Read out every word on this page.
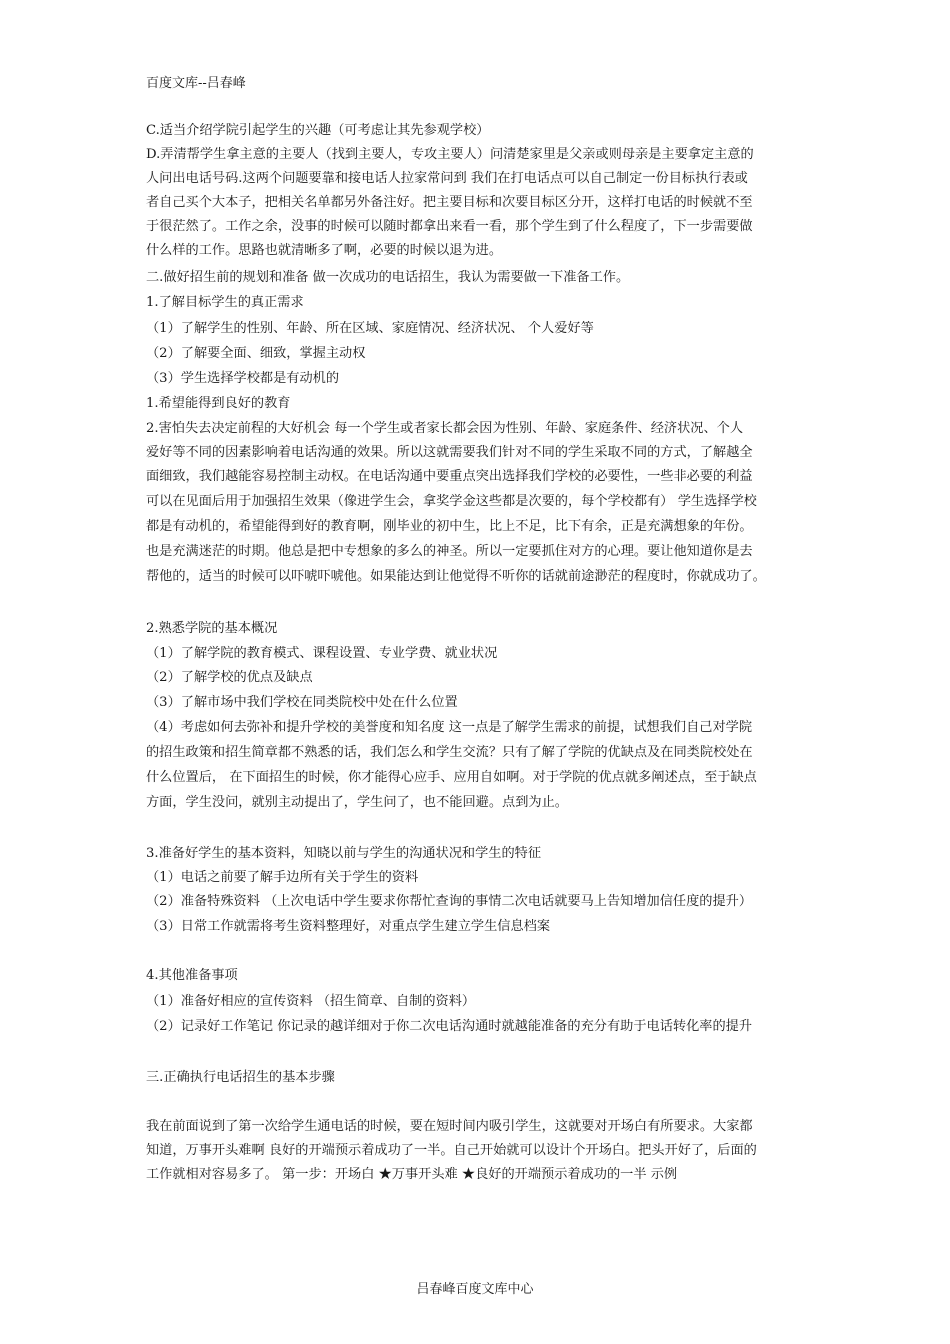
百度文库--吕春峰
C.适当介绍学院引起学生的兴趣（可考虑让其先参观学校）
D.弄清帮学生拿主意的主要人（找到主要人，专攻主要人）问清楚家里是父亲或则母亲是主要拿定主意的
人问出电话号码.这两个问题要靠和接电话人拉家常问到 我们在打电话点可以自己制定一份目标执行表或
者自己买个大本子，把相关名单都另外备注好。把主要目标和次要目标区分开，这样打电话的时候就不至
于很茫然了。工作之余，没事的时候可以随时都拿出来看一看，那个学生到了什么程度了，下一步需要做
什么样的工作。思路也就清晰多了啊，必要的时候以退为进。
二.做好招生前的规划和准备 做一次成功的电话招生，我认为需要做一下准备工作。
1.了解目标学生的真正需求
（1）了解学生的性别、年龄、所在区域、家庭情况、经济状况、 个人爱好等
（2）了解要全面、细致，掌握主动权
（3）学生选择学校都是有动机的
1.希望能得到良好的教育
2.害怕失去决定前程的大好机会 每一个学生或者家长都会因为性别、年龄、家庭条件、经济状况、个人
爱好等不同的因素影响着电话沟通的效果。所以这就需要我们针对不同的学生采取不同的方式，了解越全
面细致，我们越能容易控制主动权。在电话沟通中要重点突出选择我们学校的必要性，一些非必要的利益
可以在见面后用于加强招生效果（像进学生会，拿奖学金这些都是次要的，每个学校都有） 学生选择学校
都是有动机的，希望能得到好的教育啊，刚毕业的初中生，比上不足，比下有余，正是充满想象的年份。
也是充满迷茫的时期。他总是把中专想象的多么的神圣。所以一定要抓住对方的心理。要让他知道你是去
帮他的，适当的时候可以吓唬吓唬他。如果能达到让他觉得不听你的话就前途渺茫的程度时，你就成功了。
2.熟悉学院的基本概况
（1）了解学院的教育模式、课程设置、专业学费、就业状况
（2）了解学校的优点及缺点
（3）了解市场中我们学校在同类院校中处在什么位置
（4）考虑如何去弥补和提升学校的美誉度和知名度 这一点是了解学生需求的前提，试想我们自己对学院
的招生政策和招生简章都不熟悉的话，我们怎么和学生交流？只有了解了学院的优缺点及在同类院校处在
什么位置后， 在下面招生的时候，你才能得心应手、应用自如啊。对于学院的优点就多阐述点，至于缺点
方面，学生没问，就别主动提出了，学生问了，也不能回避。点到为止。
3.准备好学生的基本资料，知晓以前与学生的沟通状况和学生的特征
（1）电话之前要了解手边所有关于学生的资料
（2）准备特殊资料 （上次电话中学生要求你帮忙查询的事情二次电话就要马上告知增加信任度的提升）
（3）日常工作就需将考生资料整理好，对重点学生建立学生信息档案
4.其他准备事项
（1）准备好相应的宣传资料 （招生简章、自制的资料）
（2）记录好工作笔记 你记录的越详细对于你二次电话沟通时就越能准备的充分有助于电话转化率的提升
三.正确执行电话招生的基本步骤
我在前面说到了第一次给学生通电话的时候，要在短时间内吸引学生，这就要对开场白有所要求。大家都
知道，万事开头难啊 良好的开端预示着成功了一半。自己开始就可以设计个开场白。把头开好了，后面的
工作就相对容易多了。 第一步：开场白 ★万事开头难 ★良好的开端预示着成功的一半 示例
吕春峰百度文库中心
